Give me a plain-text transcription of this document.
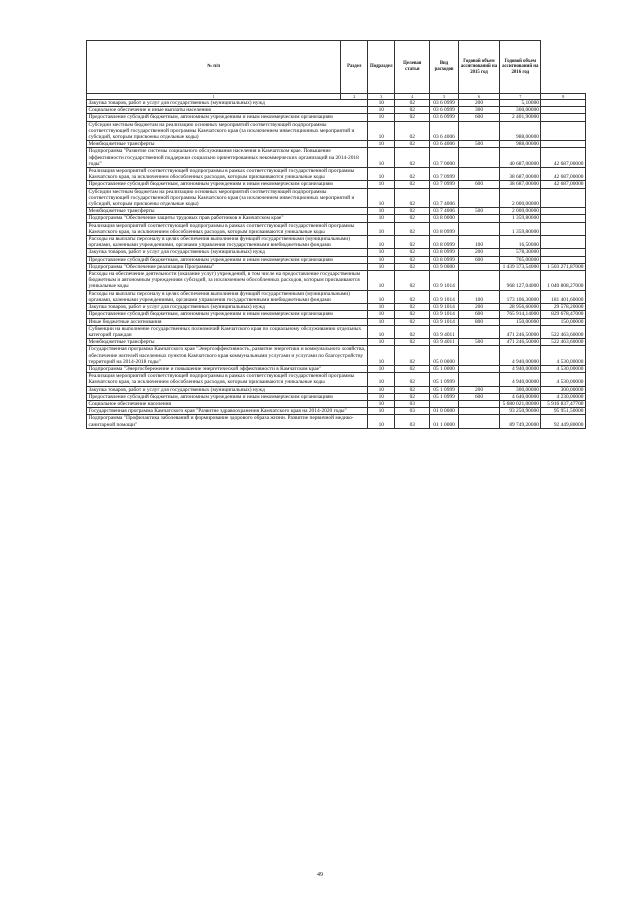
№ п/п	Раздел	Подраздел	Целевая статья	Вид расходов	Годовой объем ассигнований на 2015 год	Годовой объем ассигнований на 2016 год	
1	2	3	4	5	6	7	8
Закупка товаров, работ и услуг для государственных (муниципальных) нужд		10	02	03 6 0999	200	5,10000	
Социальное обеспечение и иные выплаты населению		10	02	03 6 0999	300	360,00000	
Предоставление субсидий бюджетным, автономным учреждениям и иным некоммерческим организациям		10	02	03 6 0999	600	2 401,90000	
Субсидии местным бюджетам на реализацию основных мероприятий соответствующей подпрограммы соответствующей государственной программы Камчатского края (за исключением инвестиционных мероприятий и субсидий, которым присвоены отдельные коды)		10	02	03 6 4006		988,00000	
Межбюджетные трансферты		10	02	03 6 4006	500	988,00000	
Подпрограмма "Развитие системы социального обслуживания населения в Камчатском крае. Повышение эффективности государственной поддержки социально ориентированных некоммерческих организаций на 2014-2018 годы"		10	02	03 7 0000		40 687,00000	42 687,00000
Реализация мероприятий соответствующей подпрограммы в рамках соответствующей государственной программы Камчатского края, за исключением обособленных расходов, которым присваиваются уникальные коды		10	02	03 7 0999		38 687,00000	42 687,00000
Предоставление субсидий бюджетным, автономным учреждениям и иным некоммерческим организациям		10	02	03 7 0999	600	38 687,00000	42 687,00000
Субсидии местным бюджетам на реализацию основных мероприятий соответствующей подпрограммы соответствующей государственной программы Камчатского края (за исключением инвестиционных мероприятий и субсидий, которым присвоены отдельные коды)		10	02	03 7 4006		2 000,00000	
Межбюджетные трансферты		10	02	03 7 4006	500	2 000,00000	
Подпрограмма "Обеспечение защиты трудовых прав работников в Камчатском крае"		10	02	03 8 0000		1 359,80000	
Реализация мероприятий соответствующей подпрограммы в рамках соответствующей государственной программы Камчатского края, за исключением обособленных расходов, которым присваиваются уникальные коды		10	02	03 8 0999		1 359,80000	
Расходы на выплаты персоналу в целях обеспечения выполнения функций государственными (муниципальными) органами, казенными учреждениями, органами управления государственными внебюджетными фондами		10	02	03 8 0999	100	16,50000	
Закупка товаров, работ и услуг для государственных (муниципальных) нужд		10	02	03 8 0999	200	578,30000	
Предоставление субсидий бюджетным, автономным учреждениям и иным некоммерческим организациям		10	02	03 8 0999	600	765,00000	
Подпрограмма "Обеспечение реализации Программы"		10	02	03 9 0000		1 439 373,54000	1 503 271,87000
Расходы на обеспечение деятельности (оказание услуг) учреждений, в том числе на предоставление государственным бюджетным и автономным учреждениям субсидий, за исключением обособленных расходов, которым присваиваются уникальные коды		10	02	03 9 1014		968 127,04000	1 040 808,27000
Расходы на выплаты персоналу в целях обеспечения выполнения функций государственными (муниципальными) органами, казенными учреждениями, органами управления государственными внебюджетными фондами		10	02	03 9 1014	100	173 106,30000	181 401,60000
Закупка товаров, работ и услуг для государственных (муниципальных) нужд		10	02	03 9 1014	200	28 956,60000	29 578,20000
Предоставление субсидий бюджетным, автономным учреждениям и иным некоммерческим организациям		10	02	03 9 1014	600	765 914,14000	829 678,47000
Иные бюджетные ассигнования		10	02	03 9 1014	800	150,00000	150,00000
Субвенции на выполнение государственных полномочий Камчатского края по социальному обслуживанию отдельных категорий граждан		10	02	03 9 4011		471 246,50000	522 463,60000
Межбюджетные трансферты		10	02	03 9 4011	500	471 246,50000	522 463,60000
Государственная программа Камчатского края "Энергоэффективность, развитие энергетики и коммунального хозяйства, обеспечение жителей населенных пунктов Камчатского края коммунальными услугами и услугами по благоустройству территорий на 2014-2018 годы"		10	02	05 0 0000		4 940,00000	4 530,00000
Подпрограмма "Энергосбережение и повышение энергетической эффективности в Камчатском крае"		10	02	05 1 0000		4 940,00000	4 530,00000
Реализация мероприятий соответствующей подпрограммы в рамках соответствующей государственной программы Камчатского края, за исключением обособленных расходов, которым присваиваются уникальные коды		10	02	05 1 0999		4 940,00000	4 530,00000
Закупка товаров, работ и услуг для государственных (муниципальных) нужд		10	02	05 1 0999	200	300,00000	300,00000
Предоставление субсидий бюджетным, автономным учреждениям и иным некоммерческим организациям		10	02	05 1 0999	600	4 640,00000	4 230,00000
Социальное обеспечение населения		10	03			5 680 021,00000	5 916 837,47700
Государственная программа Камчатского края "Развитие здравоохранения Камчатского края на 2014-2020 годы"		10	03	01 0 0000		93 250,90000	95 951,50000
Подпрограмма "Профилактика заболеваний и формирование здорового образа жизни. Развитие первичной медико-санитарной помощи"		10	03	01 1 0000		89 749,20000	92 449,80000
49
